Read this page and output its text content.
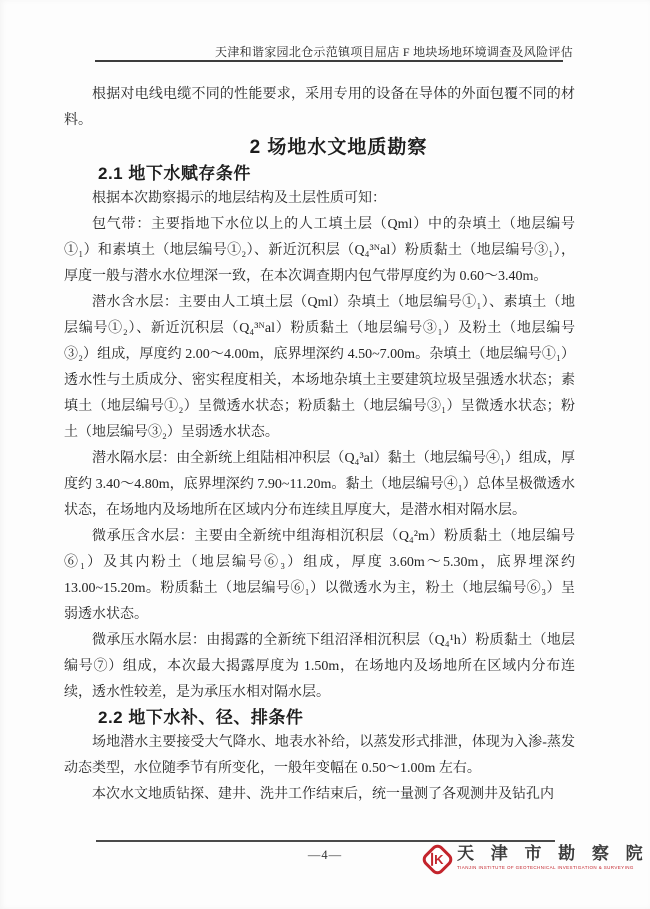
天津和谐家园北仓示范镇项目屈店 F 地块场地环境调查及风险评估

根据对电线电缆不同的性能要求，采用专用的设备在导体的外面包覆不同的材料。

2 场地水文地质勘察

2.1 地下水赋存条件

根据本次勘察揭示的地层结构及土层性质可知：

包气带：主要指地下水位以上的人工填土层（Qml）中的杂填土（地层编号①₁）和素填土（地层编号①₂）、新近沉积层（Q₄³ᴺal）粉质黏土（地层编号③₁），厚度一般与潜水水位埋深一致，在本次调查期内包气带厚度约为 0.60～3.40m。

潜水含水层：主要由人工填土层（Qml）杂填土（地层编号①₁）、素填土（地层编号①₂）、新近沉积层（Q₄³ᴺal）粉质黏土（地层编号③₁）及粉土（地层编号③₂）组成，厚度约 2.00～4.00m，底界埋深约 4.50~7.00m。杂填土（地层编号①₁）透水性与土质成分、密实程度相关，本场地杂填土主要建筑垃圾呈强透水状态；素填土（地层编号①₂）呈微透水状态；粉质黏土（地层编号③₁）呈微透水状态；粉土（地层编号③₂）呈弱透水状态。

潜水隔水层：由全新统上组陆相冲积层（Q₄³al）黏土（地层编号④₁）组成，厚度约 3.40～4.80m，底界埋深约 7.90~11.20m。黏土（地层编号④₁）总体呈极微透水状态，在场地内及场地所在区域内分布连续且厚度大，是潜水相对隔水层。

微承压含水层：主要由全新统中组海相沉积层（Q₄²m）粉质黏土（地层编号⑥₁）及其内粉土（地层编号⑥₃）组成，厚度 3.60m～5.30m，底界埋深约13.00~15.20m。粉质黏土（地层编号⑥₁）以微透水为主，粉土（地层编号⑥₃）呈弱透水状态。

微承压水隔水层：由揭露的全新统下组沼泽相沉积层（Q₄¹h）粉质黏土（地层编号⑦）组成，本次最大揭露厚度为 1.50m，在场地内及场地所在区域内分布连续，透水性较差，是为承压水相对隔水层。

2.2 地下水补、径、排条件

场地潜水主要接受大气降水、地表水补给，以蒸发形式排泄，体现为入渗-蒸发动态类型，水位随季节有所变化，一般年变幅在 0.50～1.00m 左右。

本次水文地质钻探、建井、洗井工作结束后，统一量测了各观测井及钻孔内

—4—	K 天 津 市 勘 察 院
TIANJIN INSTITUTE OF GEOTECHNICAL INVESTIGATION & SURVEYING
